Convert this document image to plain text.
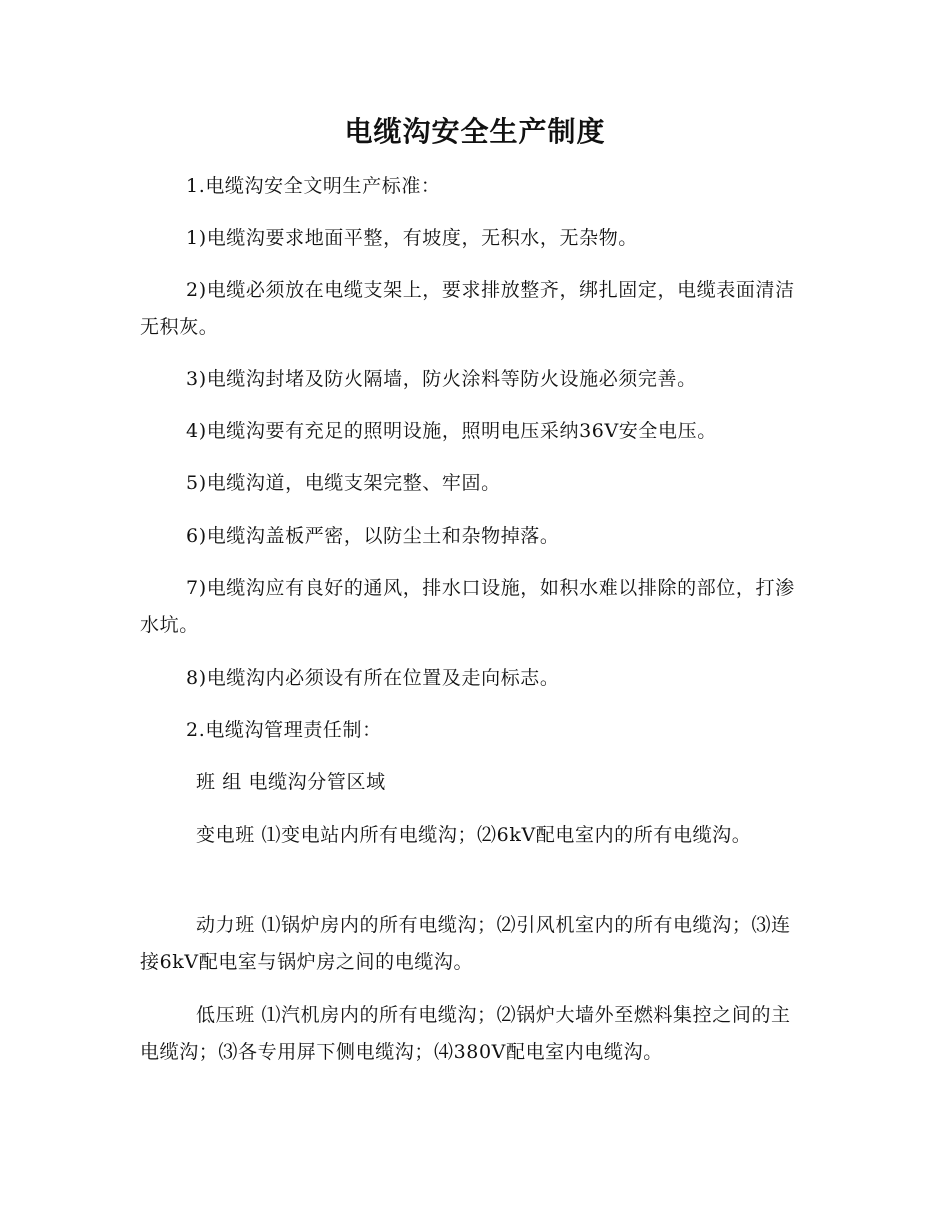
电缆沟安全生产制度
1.电缆沟安全文明生产标准：
1)电缆沟要求地面平整，有坡度，无积水，无杂物。
2)电缆必须放在电缆支架上，要求排放整齐，绑扎固定，电缆表面清洁无积灰。
3)电缆沟封堵及防火隔墙，防火涂料等防火设施必须完善。
4)电缆沟要有充足的照明设施，照明电压采纳36V安全电压。
5)电缆沟道，电缆支架完整、牢固。
6)电缆沟盖板严密，以防尘土和杂物掉落。
7)电缆沟应有良好的通风，排水口设施，如积水难以排除的部位，打渗水坑。
8)电缆沟内必须设有所在位置及走向标志。
2.电缆沟管理责任制：
班 组 电缆沟分管区域
变电班 ⑴变电站内所有电缆沟；⑵6kV配电室内的所有电缆沟。
动力班 ⑴锅炉房内的所有电缆沟；⑵引风机室内的所有电缆沟；⑶连接6kV配电室与锅炉房之间的电缆沟。
低压班 ⑴汽机房内的所有电缆沟；⑵锅炉大墙外至燃料集控之间的主电缆沟；⑶各专用屏下侧电缆沟；⑷380V配电室内电缆沟。
